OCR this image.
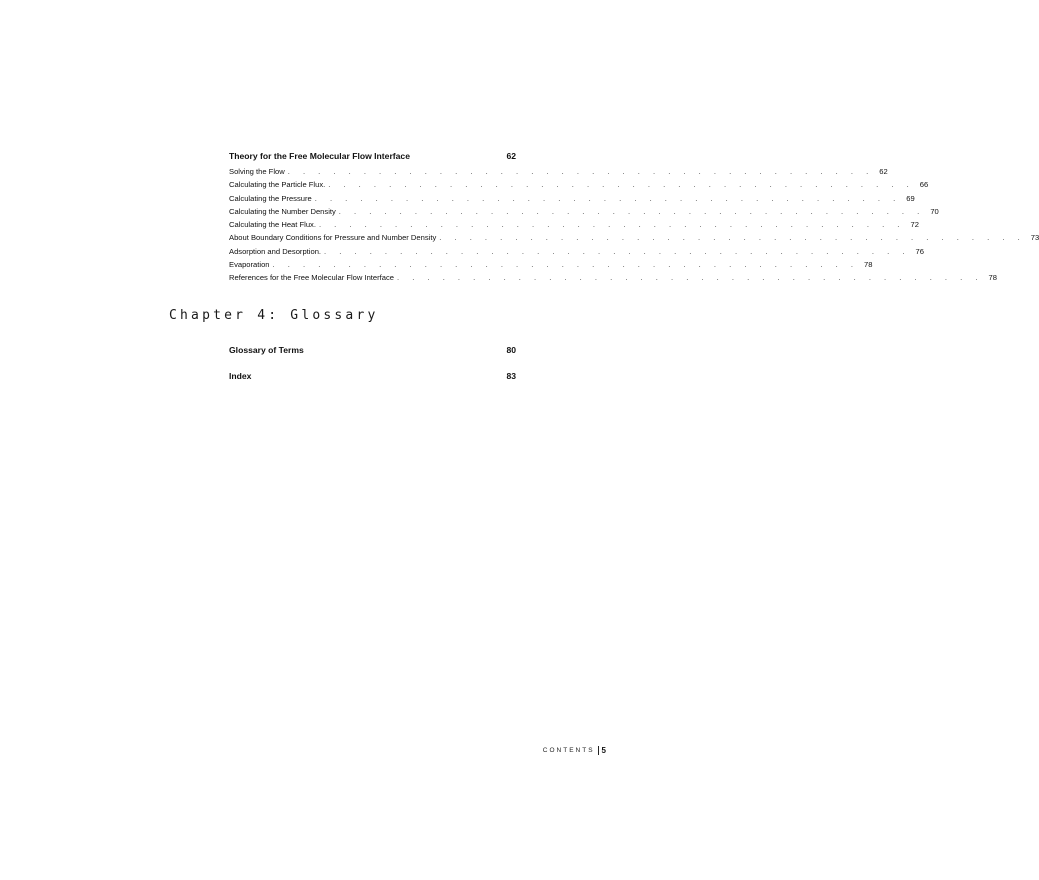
Theory for the Free Molecular Flow Interface	62
Solving the Flow . . . . . . . . . . . . . . . . . . . . . . . . . . . . . . . . . . . . . . . 62
Calculating the Particle Flux. . . . . . . . . . . . . . . . . . . . . . . . . . . . . . . . . . . . . . . . 66
Calculating the Pressure . . . . . . . . . . . . . . . . . . . . . . . . . . . . . . . . . . . . . . . 69
Calculating the Number Density . . . . . . . . . . . . . . . . . . . . . . . . . . . . . . . . . . . . . . . 70
Calculating the Heat Flux. . . . . . . . . . . . . . . . . . . . . . . . . . . . . . . . . . . . . . . . 72
About Boundary Conditions for Pressure and Number Density . . . . . . . . . . . . . . . . . . . . . . . . . . . . . . . . . . . . . . . 73
Adsorption and Desorption. . . . . . . . . . . . . . . . . . . . . . . . . . . . . . . . . . . . . . . . 76
Evaporation . . . . . . . . . . . . . . . . . . . . . . . . . . . . . . . . . . . . . . . 78
References for the Free Molecular Flow Interface . . . . . . . . . . . . . . . . . . . . . . . . . . . . . . . . . . . . . . . 78
Chapter 4: Glossary
Glossary of Terms	80
Index	83
CONTENTS 5
